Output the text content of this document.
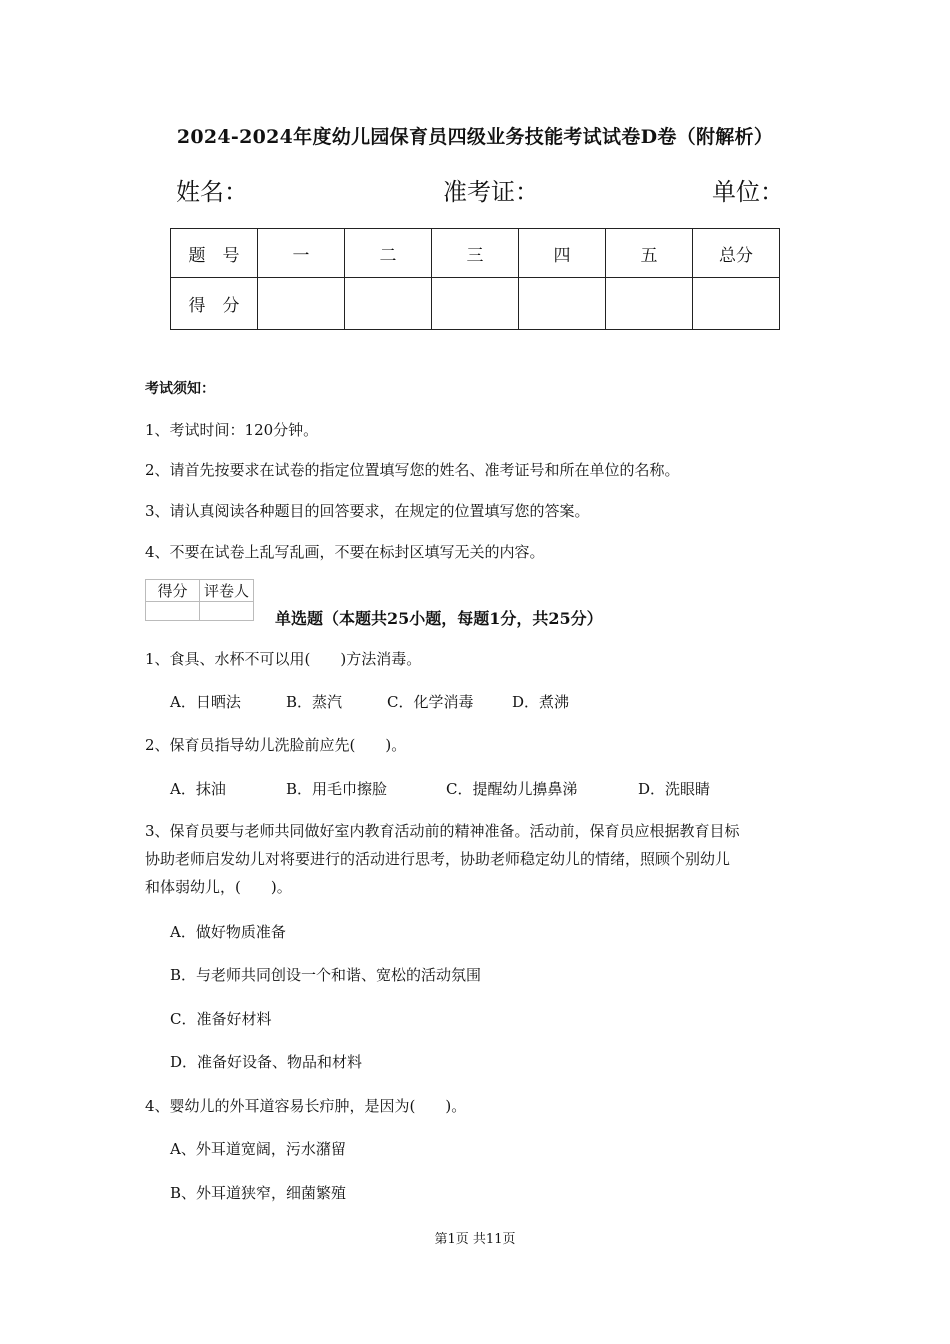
2024-2024年度幼儿园保育员四级业务技能考试试卷D卷（附解析）
姓名：	准考证：	单位：
题　号	一	二	三	四	五	总分
得　分						
考试须知：
1、考试时间：120分钟。
2、请首先按要求在试卷的指定位置填写您的姓名、准考证号和所在单位的名称。
3、请认真阅读各种题目的回答要求，在规定的位置填写您的答案。
4、不要在试卷上乱写乱画，不要在标封区填写无关的内容。
得分	评卷人

单选题（本题共25小题，每题1分，共25分）
1、食具、水杯不可以用(　　)方法消毒。
A．日晒法	B．蒸汽	C．化学消毒	D．煮沸
2、保育员指导幼儿洗脸前应先(　　)。
A．抹油	B．用毛巾擦脸	C．提醒幼儿擤鼻涕	D．洗眼睛
3、保育员要与老师共同做好室内教育活动前的精神准备。活动前，保育员应根据教育目标
协助老师启发幼儿对将要进行的活动进行思考，协助老师稳定幼儿的情绪，照顾个别幼儿
和体弱幼儿，(　　)。
A．做好物质准备
B．与老师共同创设一个和谐、宽松的活动氛围
C．准备好材料
D．准备好设备、物品和材料
4、婴幼儿的外耳道容易长疖肿，是因为(　　)。
A、外耳道宽阔，污水潴留
B、外耳道狭窄，细菌繁殖
第1页 共11页
